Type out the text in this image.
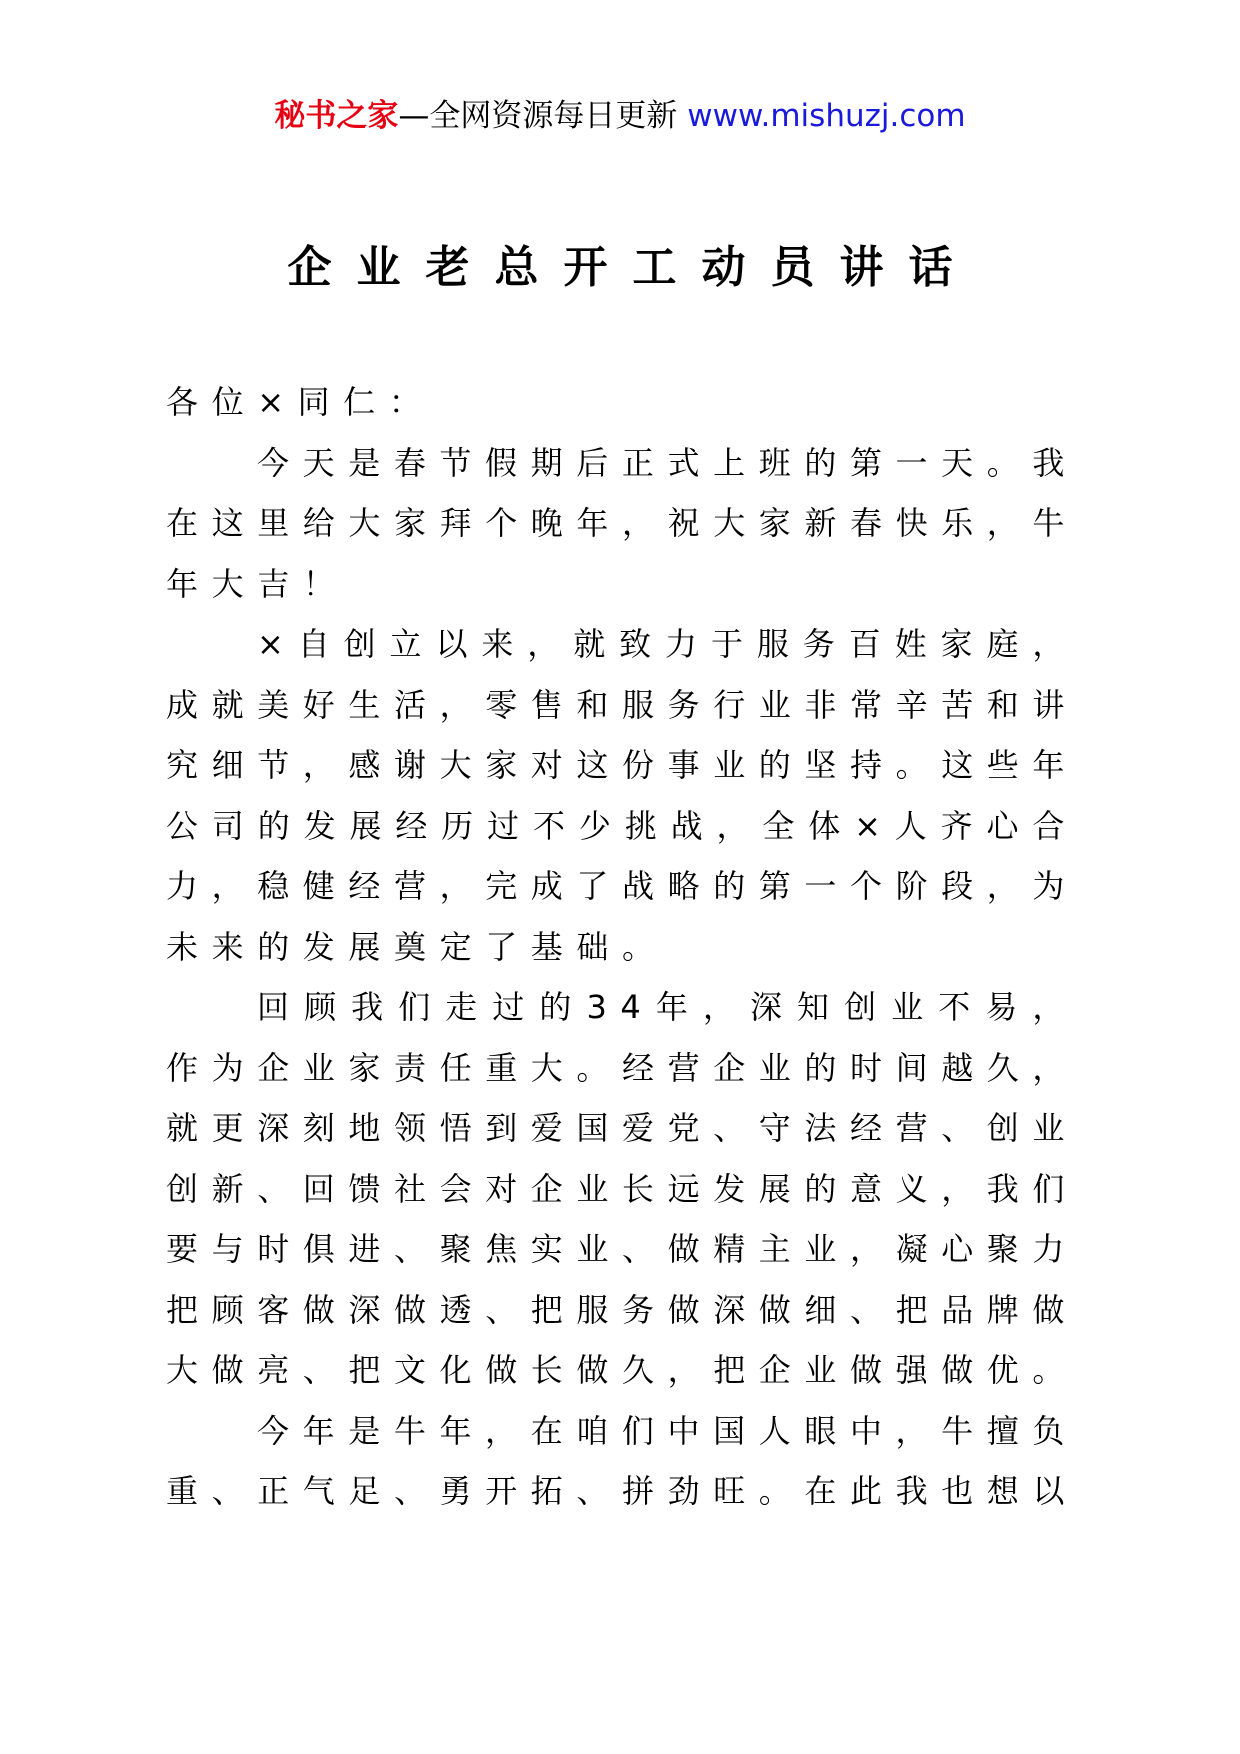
秘书之家—全网资源每日更新 www.mishuzj.com
企业老总开工动员讲话

各位×同仁：

今天是春节假期后正式上班的第一天。我在这里给大家拜个晚年，祝大家新春快乐，牛年大吉！

×自创立以来，就致力于服务百姓家庭，成就美好生活，零售和服务行业非常辛苦和讲究细节，感谢大家对这份事业的坚持。这些年公司的发展经历过不少挑战，全体×人齐心合力，稳健经营，完成了战略的第一个阶段，为未来的发展奠定了基础。

回顾我们走过的34年，深知创业不易，作为企业家责任重大。经营企业的时间越久，就更深刻地领悟到爱国爱党、守法经营、创业创新、回馈社会对企业长远发展的意义，我们要与时俱进、聚焦实业、做精主业，凝心聚力把顾客做深做透、把服务做深做细、把品牌做大做亮、把文化做长做久，把企业做强做优。

今年是牛年，在咱们中国人眼中，牛擅负重、正气足、勇开拓、拼劲旺。在此我也想以
